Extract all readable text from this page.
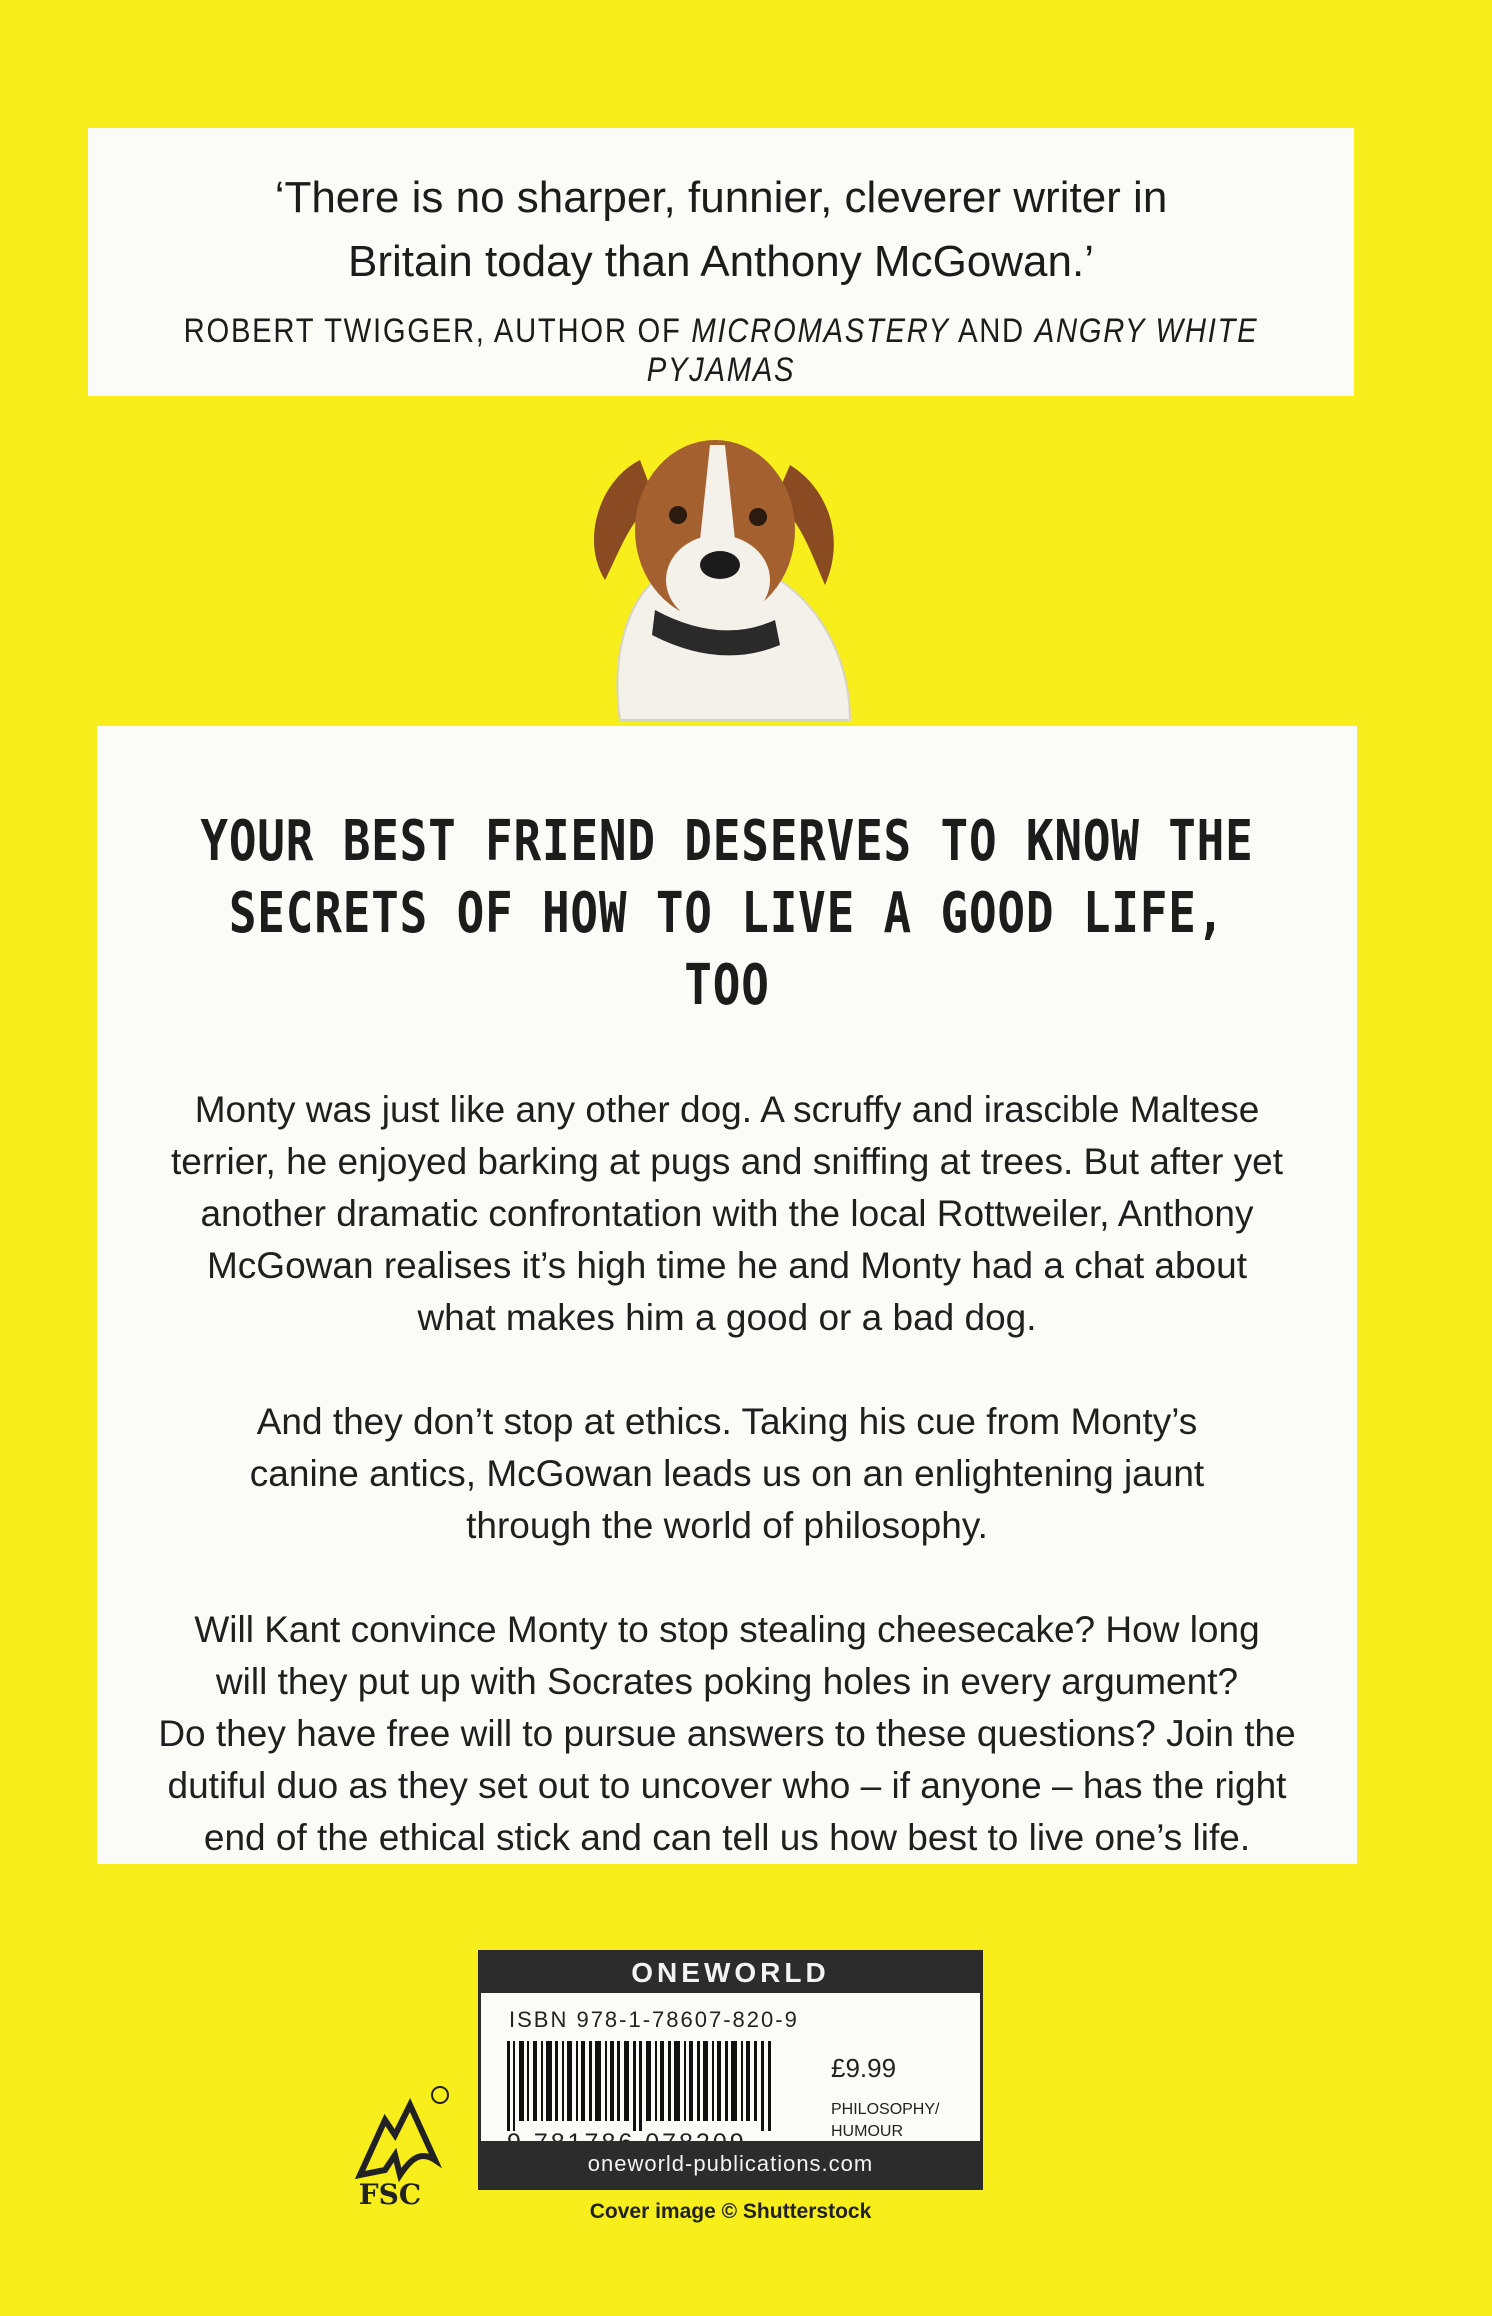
‘There is no sharper, funnier, cleverer writer in

Britain today than Anthony McGowan.’

ROBERT TWIGGER, AUTHOR OF MICROMASTERY AND ANGRY WHITE PYJAMAS
YOUR BEST FRIEND DESERVES TO KNOW THE
SECRETS OF HOW TO LIVE A GOOD LIFE, TOO
Monty was just like any other dog. A scruffy and irascible Maltese
terrier, he enjoyed barking at pugs and sniffing at trees. But after yet
another dramatic confrontation with the local Rottweiler, Anthony
McGowan realises it’s high time he and Monty had a chat about
what makes him a good or a bad dog.
And they don’t stop at ethics. Taking his cue from Monty’s
canine antics, McGowan leads us on an enlightening jaunt
through the world of philosophy.
Will Kant convince Monty to stop stealing cheesecake? How long
will they put up with Socrates poking holes in every argument?
Do they have free will to pursue answers to these questions? Join the
dutiful duo as they set out to uncover who – if anyone – has the right
end of the ethical stick and can tell us how best to live one’s life.
FSC
ONEWORLD
ISBN 978-1-78607-820-9
£9.99
PHILOSOPHY/
HUMOUR
oneworld-publications.com
Cover image © Shutterstock
